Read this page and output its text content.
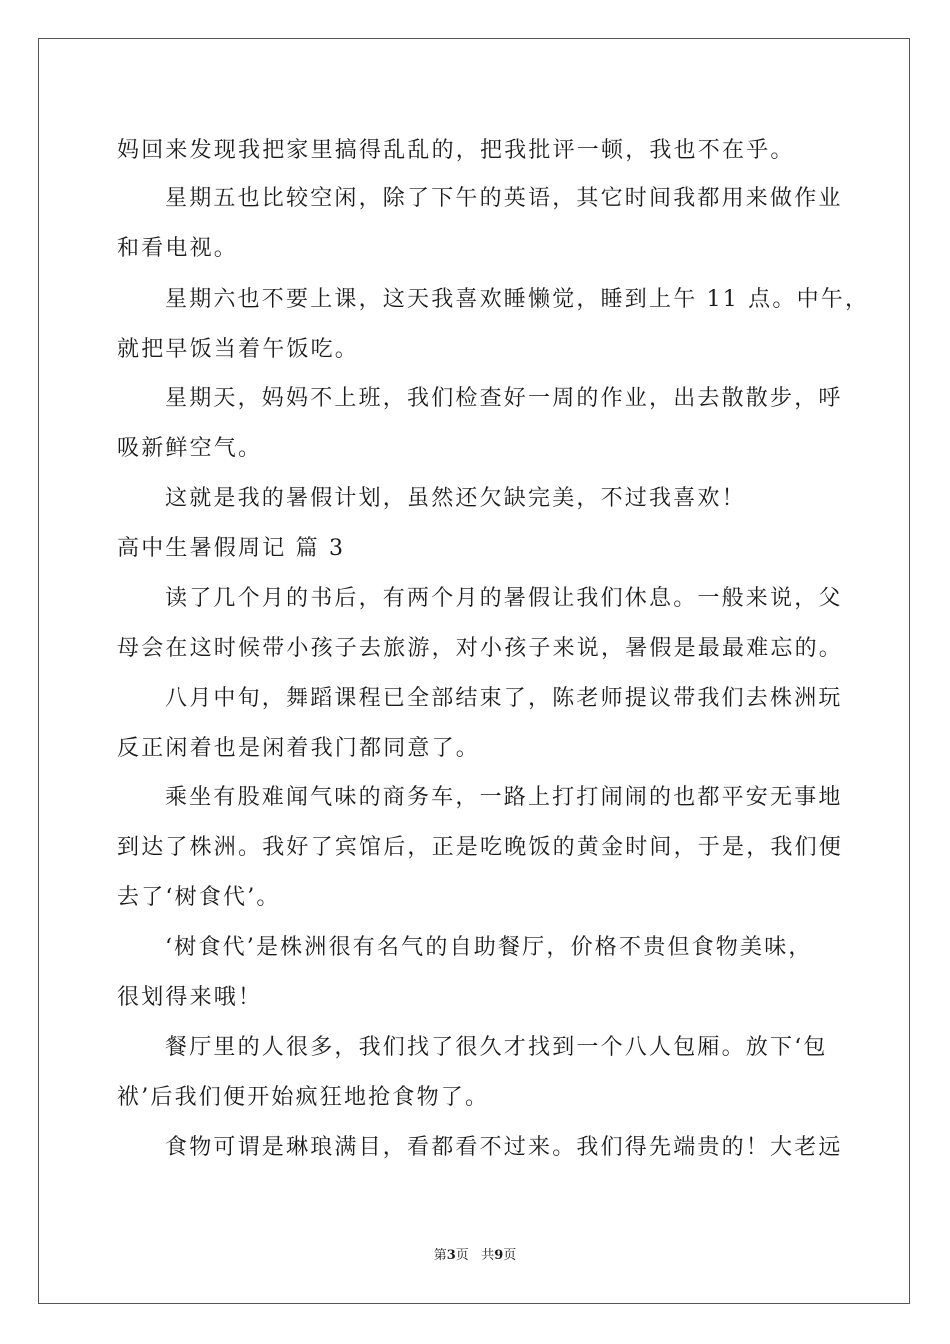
妈回来发现我把家里搞得乱乱的，把我批评一顿，我也不在乎。

星期五也比较空闲，除了下午的英语，其它时间我都用来做作业

和看电视。

星期六也不要上课，这天我喜欢睡懒觉，睡到上午 11 点。中午，

就把早饭当着午饭吃。

星期天，妈妈不上班，我们检查好一周的作业，出去散散步，呼

吸新鲜空气。

这就是我的暑假计划，虽然还欠缺完美，不过我喜欢！

高中生暑假周记 篇 3

读了几个月的书后，有两个月的暑假让我们休息。一般来说，父

母会在这时候带小孩子去旅游，对小孩子来说，暑假是最最难忘的。

八月中旬，舞蹈课程已全部结束了，陈老师提议带我们去株洲玩

反正闲着也是闲着我门都同意了。

乘坐有股难闻气味的商务车，一路上打打闹闹的也都平安无事地

到达了株洲。我好了宾馆后，正是吃晚饭的黄金时间，于是，我们便

去了‘树食代’。

‘树食代’是株洲很有名气的自助餐厅，价格不贵但食物美味，

很划得来哦！

餐厅里的人很多，我们找了很久才找到一个八人包厢。放下‘包

袱’后我们便开始疯狂地抢食物了。

食物可谓是琳琅满目，看都看不过来。我们得先端贵的！大老远

第3页 共9页
